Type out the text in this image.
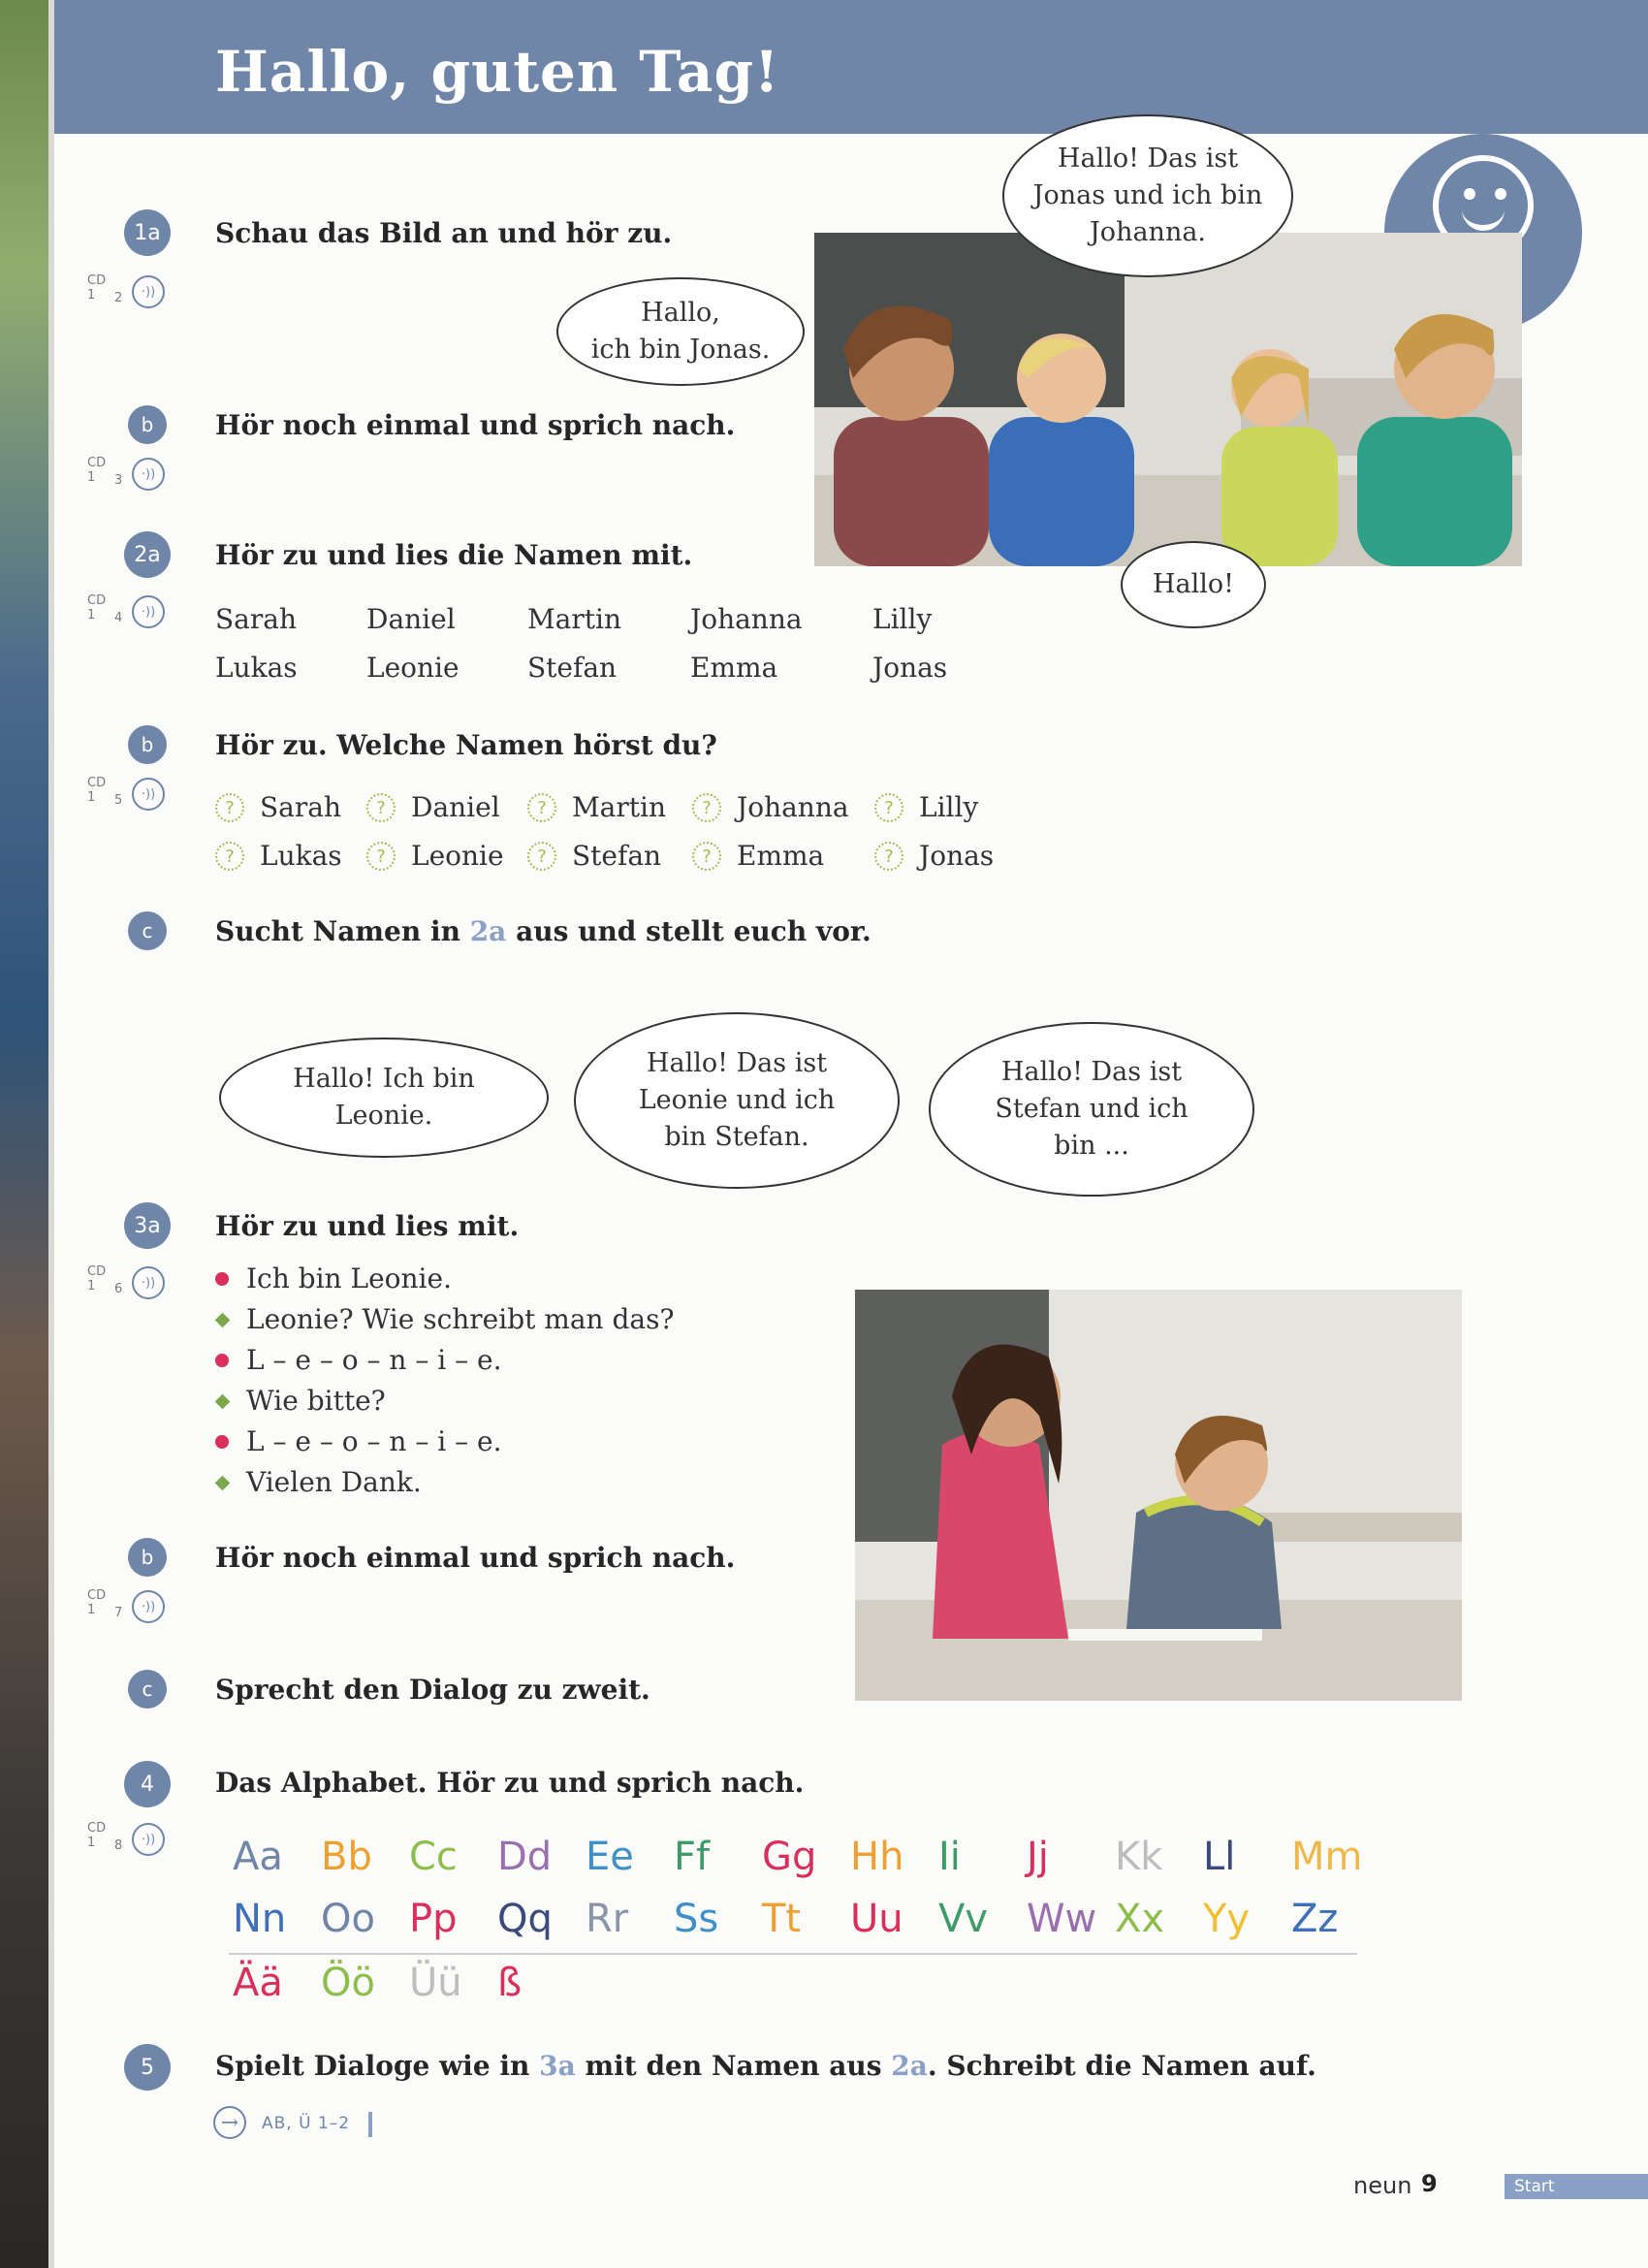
Hallo, guten Tag!
1a
CD 1	2	·))
Schau das Bild an und hör zu.
Hallo! Das ist
Jonas und ich bin
Johanna.
Hallo,
ich bin Jonas.
Hallo!
b
CD 1	3	·))
Hör noch einmal und sprich nach.
2a
CD 1	4	·))
Hör zu und lies die Namen mit.
Sarah	Daniel	Martin	Johanna	Lilly
Lukas	Leonie	Stefan	Emma	Jonas
b
CD 1	5	·))
Hör zu. Welche Namen hörst du?
? Sarah	? Daniel	? Martin	? Johanna	? Lilly
? Lukas	? Leonie	? Stefan	? Emma	? Jonas
c	Sucht Namen in 2a aus und stellt euch vor.
Hallo! Ich bin
Leonie.
Hallo! Das ist
Leonie und ich
bin Stefan.
Hallo! Das ist
Stefan und ich
bin ...
3a
CD 1	6	·))
Hör zu und lies mit.
Ich bin Leonie.
Leonie? Wie schreibt man das?
L – e – o – n – i – e.
Wie bitte?
L – e – o – n – i – e.
Vielen Dank.
b
CD 1	7	·))
Hör noch einmal und sprich nach.
c	Sprecht den Dialog zu zweit.
4
CD 1	8	·))
Das Alphabet. Hör zu und sprich nach.
Aa Bb Cc Dd Ee Ff Gg Hh Ii Jj Kk Ll Mm
Nn Oo Pp Qq Rr Ss Tt Uu Vv Ww Xx Yy Zz
Ää Öö Üü ß
5	Spielt Dialoge wie in 3a mit den Namen aus 2a. Schreibt die Namen auf.
→	AB, Ü 1–2
neun 9	Start
